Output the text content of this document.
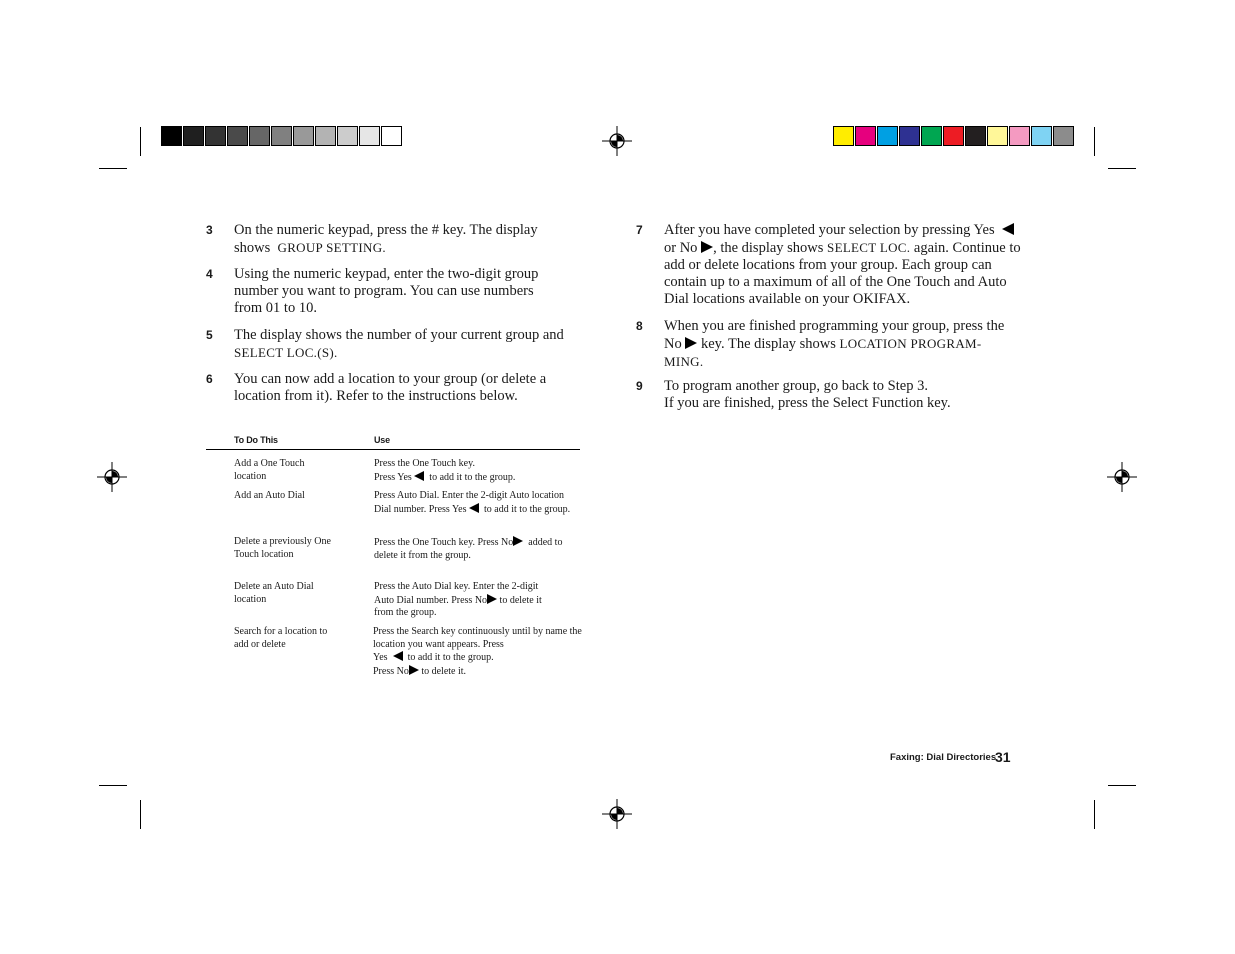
3 On the numeric keypad, press the # key. The display
shows GROUP SETTING.
4 Using the numeric keypad, enter the two-digit group number you want to program. You can use numbers from 01 to 10.
5 The display shows the number of your current group and
SELECT LOC.(S).
6 You can now add a location to your group (or delete a location from it). Refer to the instructions below.
To Do This	Use
Add a One Touch location
Press the One Touch key.
Press Yes to add it to the group.
Add an Auto Dial	Press Auto Dial. Enter the 2-digit Auto location Dial number. Press Yes to add it to the group.
Delete a previously One Touch location
Press the One Touch key. Press No added to delete it from the group.
Delete an Auto Dial location
Press the Auto Dial key. Enter the 2-digit Auto Dial number. Press No to delete it from the group.
Search for a location to add or delete
Press the Search key continuously until by name the location you want appears. Press
Yes to add it to the group.
Press No to delete it.
7 After you have completed your selection by pressing Yes
or No , the display shows SELECT LOC. again. Continue to add or delete locations from your group. Each group can contain up to a maximum of all of the One Touch and Auto Dial locations available on your OKIFAX.
8 When you are finished programming your group, press the No key. The display shows LOCATION PROGRAM-MING.
9 To program another group, go back to Step 3.
If you are finished, press the Select Function key.
Faxing: Dial Directories
31
